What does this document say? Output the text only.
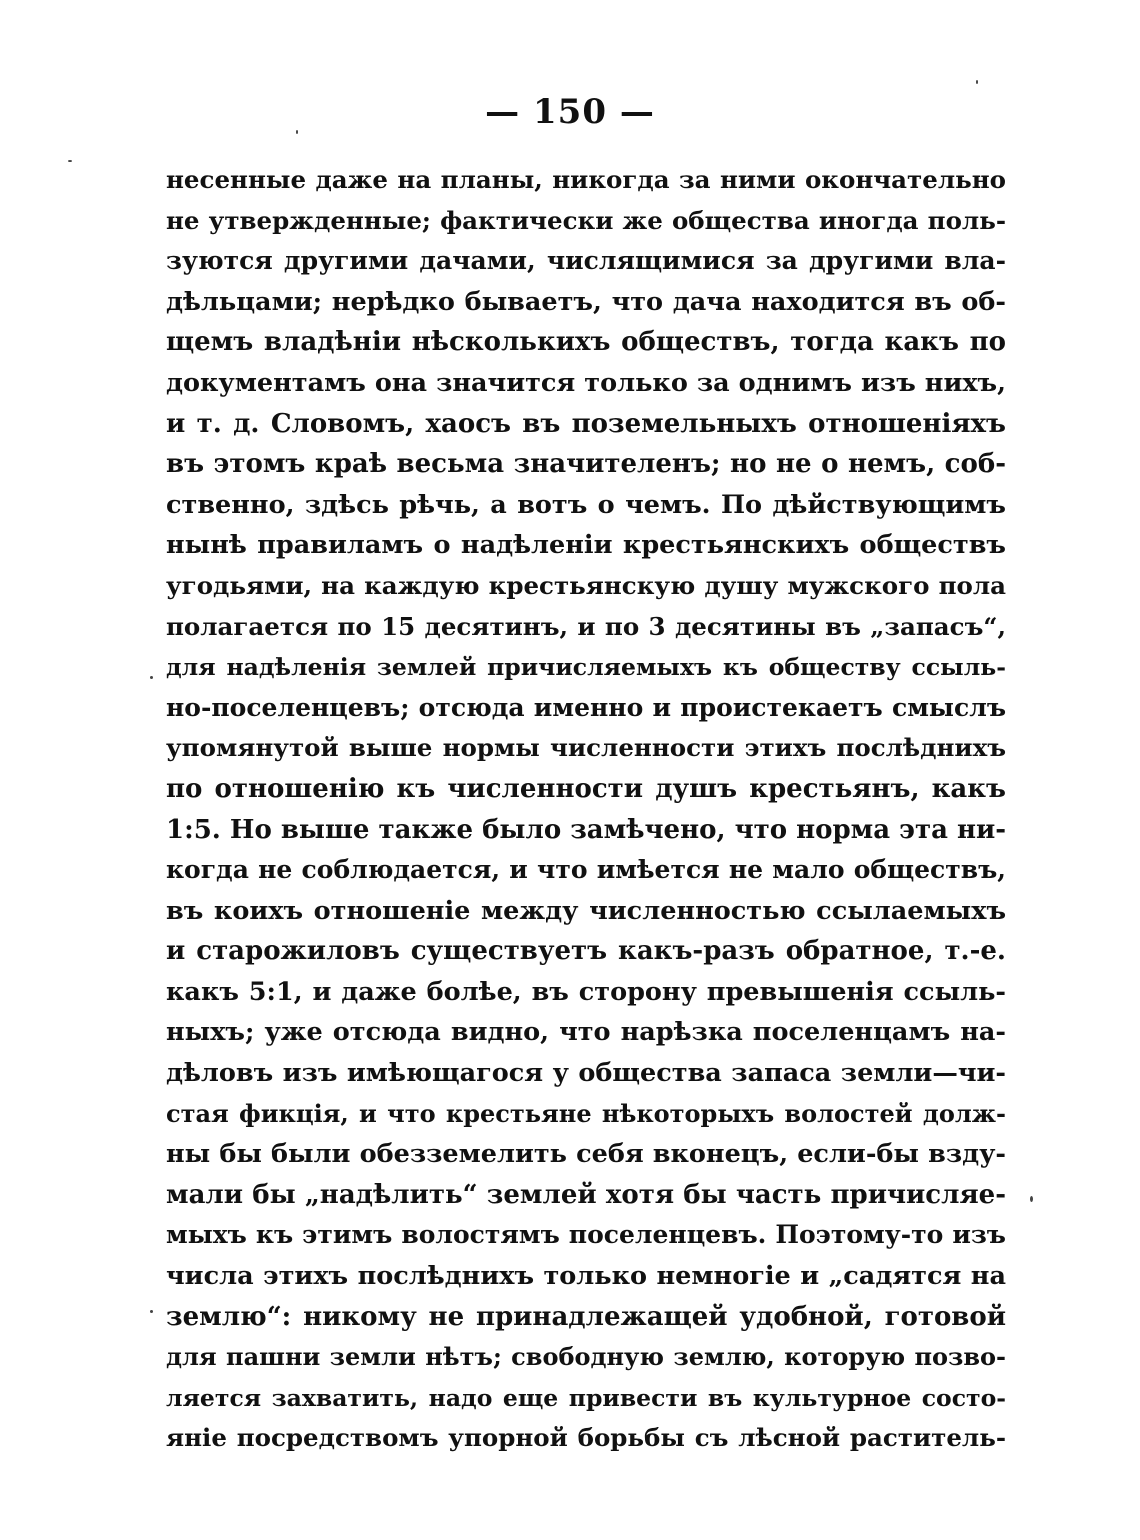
— 150 —
несенные даже на планы, никогда за ними окончательно
не утвержденные; фактически же общества иногда поль-
зуются другими дачами, числящимися за другими вла-
дѣльцами; нерѣдко бываетъ, что дача находится въ об-
щемъ владѣніи нѣсколькихъ обществъ, тогда какъ по
документамъ она значится только за однимъ изъ нихъ,
и т. д. Словомъ, хаосъ въ поземельныхъ отношеніяхъ
въ этомъ краѣ весьма значителенъ; но не о немъ, соб-
ственно, здѣсь рѣчь, а вотъ о чемъ. По дѣйствующимъ
нынѣ правиламъ о надѣленіи крестьянскихъ обществъ
угодьями, на каждую крестьянскую душу мужского пола
полагается по 15 десятинъ, и по 3 десятины въ „запасъ“,
для надѣленія землей причисляемыхъ къ обществу ссыль-
но-поселенцевъ; отсюда именно и проистекаетъ смыслъ
упомянутой выше нормы численности этихъ послѣднихъ
по отношенію къ численности душъ крестьянъ, какъ
1:5. Но выше также было замѣчено, что норма эта ни-
когда не соблюдается, и что имѣется не мало обществъ,
въ коихъ отношеніе между численностью ссылаемыхъ
и старожиловъ существуетъ какъ-разъ обратное, т.-е.
какъ 5:1, и даже болѣе, въ сторону превышенія ссыль-
ныхъ; уже отсюда видно, что нарѣзка поселенцамъ на-
дѣловъ изъ имѣющагося у общества запаса земли—чи-
стая фикція, и что крестьяне нѣкоторыхъ волостей долж-
ны бы были обезземелить себя вконецъ, если-бы взду-
мали бы „надѣлить“ землей хотя бы часть причисляе-
мыхъ къ этимъ волостямъ поселенцевъ. Поэтому-то изъ
числа этихъ послѣднихъ только немногіе и „садятся на
землю“: никому не принадлежащей удобной, готовой
для пашни земли нѣтъ; свободную землю, которую позво-
ляется захватить, надо еще привести въ культурное состо-
яніе посредствомъ упорной борьбы съ лѣсной раститель-
